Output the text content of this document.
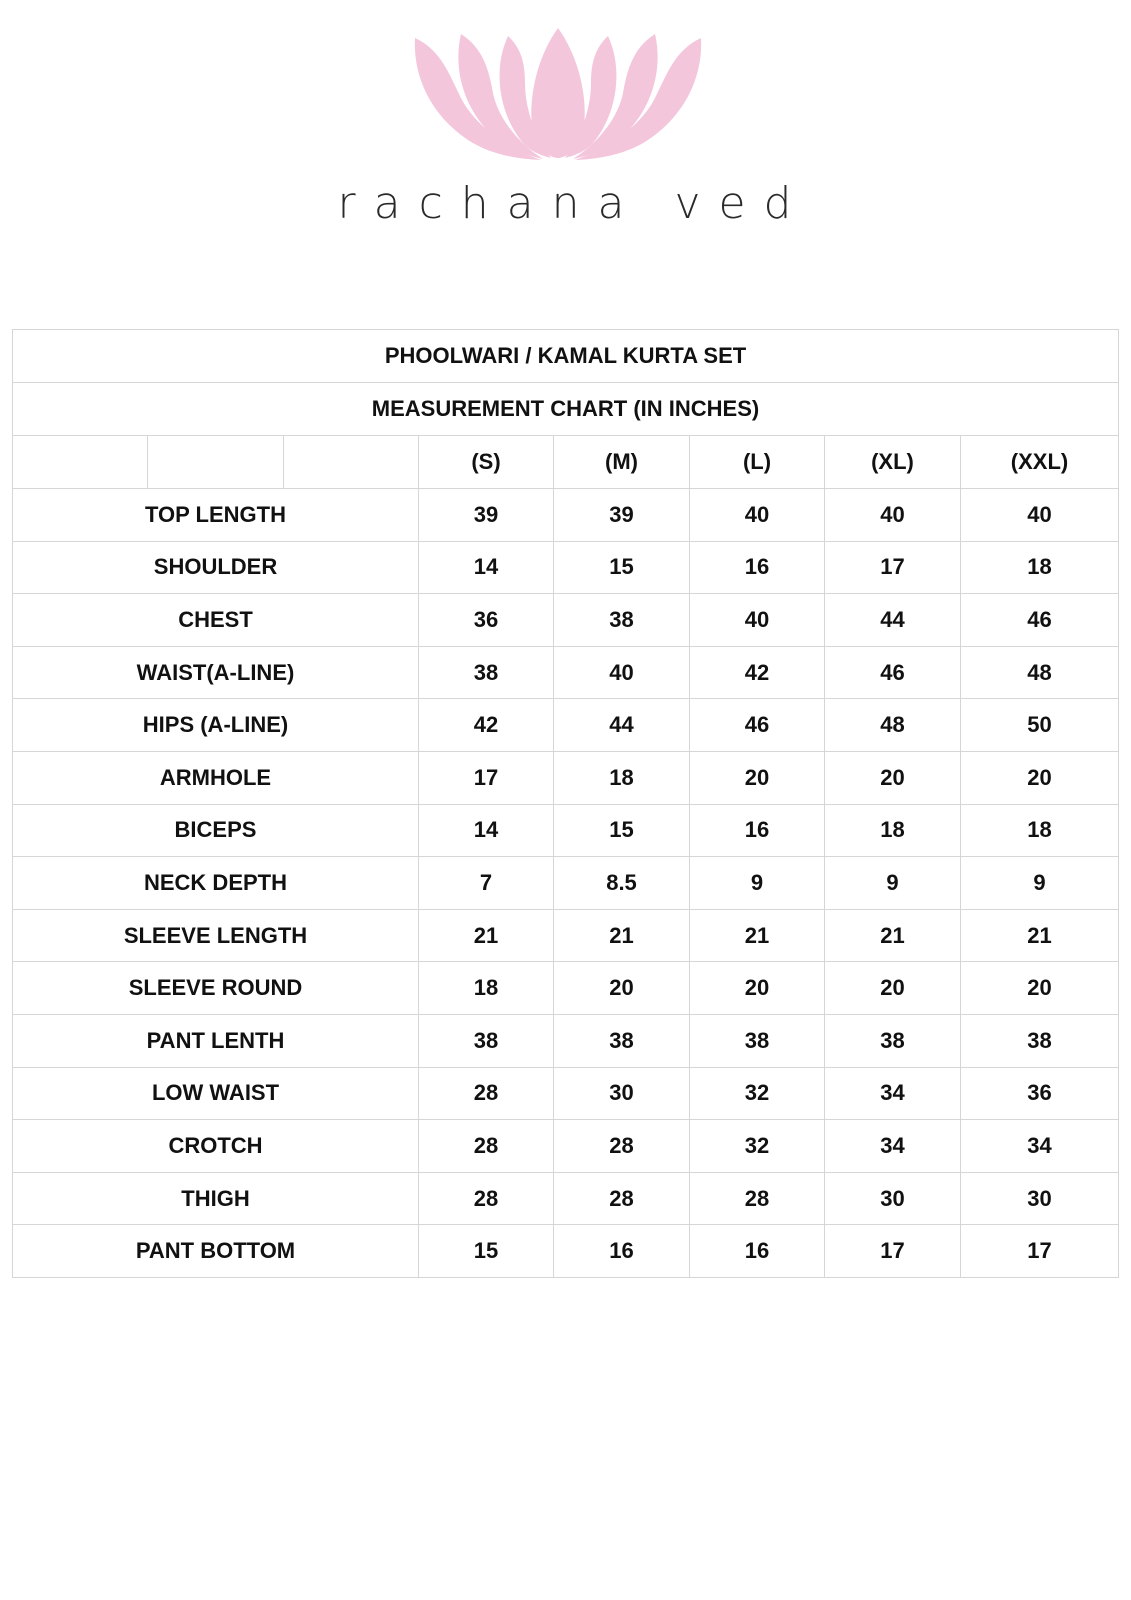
rachana ved
PHOOLWARI / KAMAL KURTA SET							
MEASUREMENT CHART (IN INCHES)							
			(S)	(M)	(L)	(XL)	(XXL)
TOP LENGTH			39	39	40	40	40
SHOULDER			14	15	16	17	18
CHEST			36	38	40	44	46
WAIST(A-LINE)			38	40	42	46	48
HIPS (A-LINE)			42	44	46	48	50
ARMHOLE			17	18	20	20	20
BICEPS			14	15	16	18	18
NECK DEPTH			7	8.5	9	9	9
SLEEVE LENGTH			21	21	21	21	21
SLEEVE ROUND			18	20	20	20	20
PANT LENTH			38	38	38	38	38
LOW WAIST			28	30	32	34	36
CROTCH			28	28	32	34	34
THIGH			28	28	28	30	30
PANT BOTTOM			15	16	16	17	17
